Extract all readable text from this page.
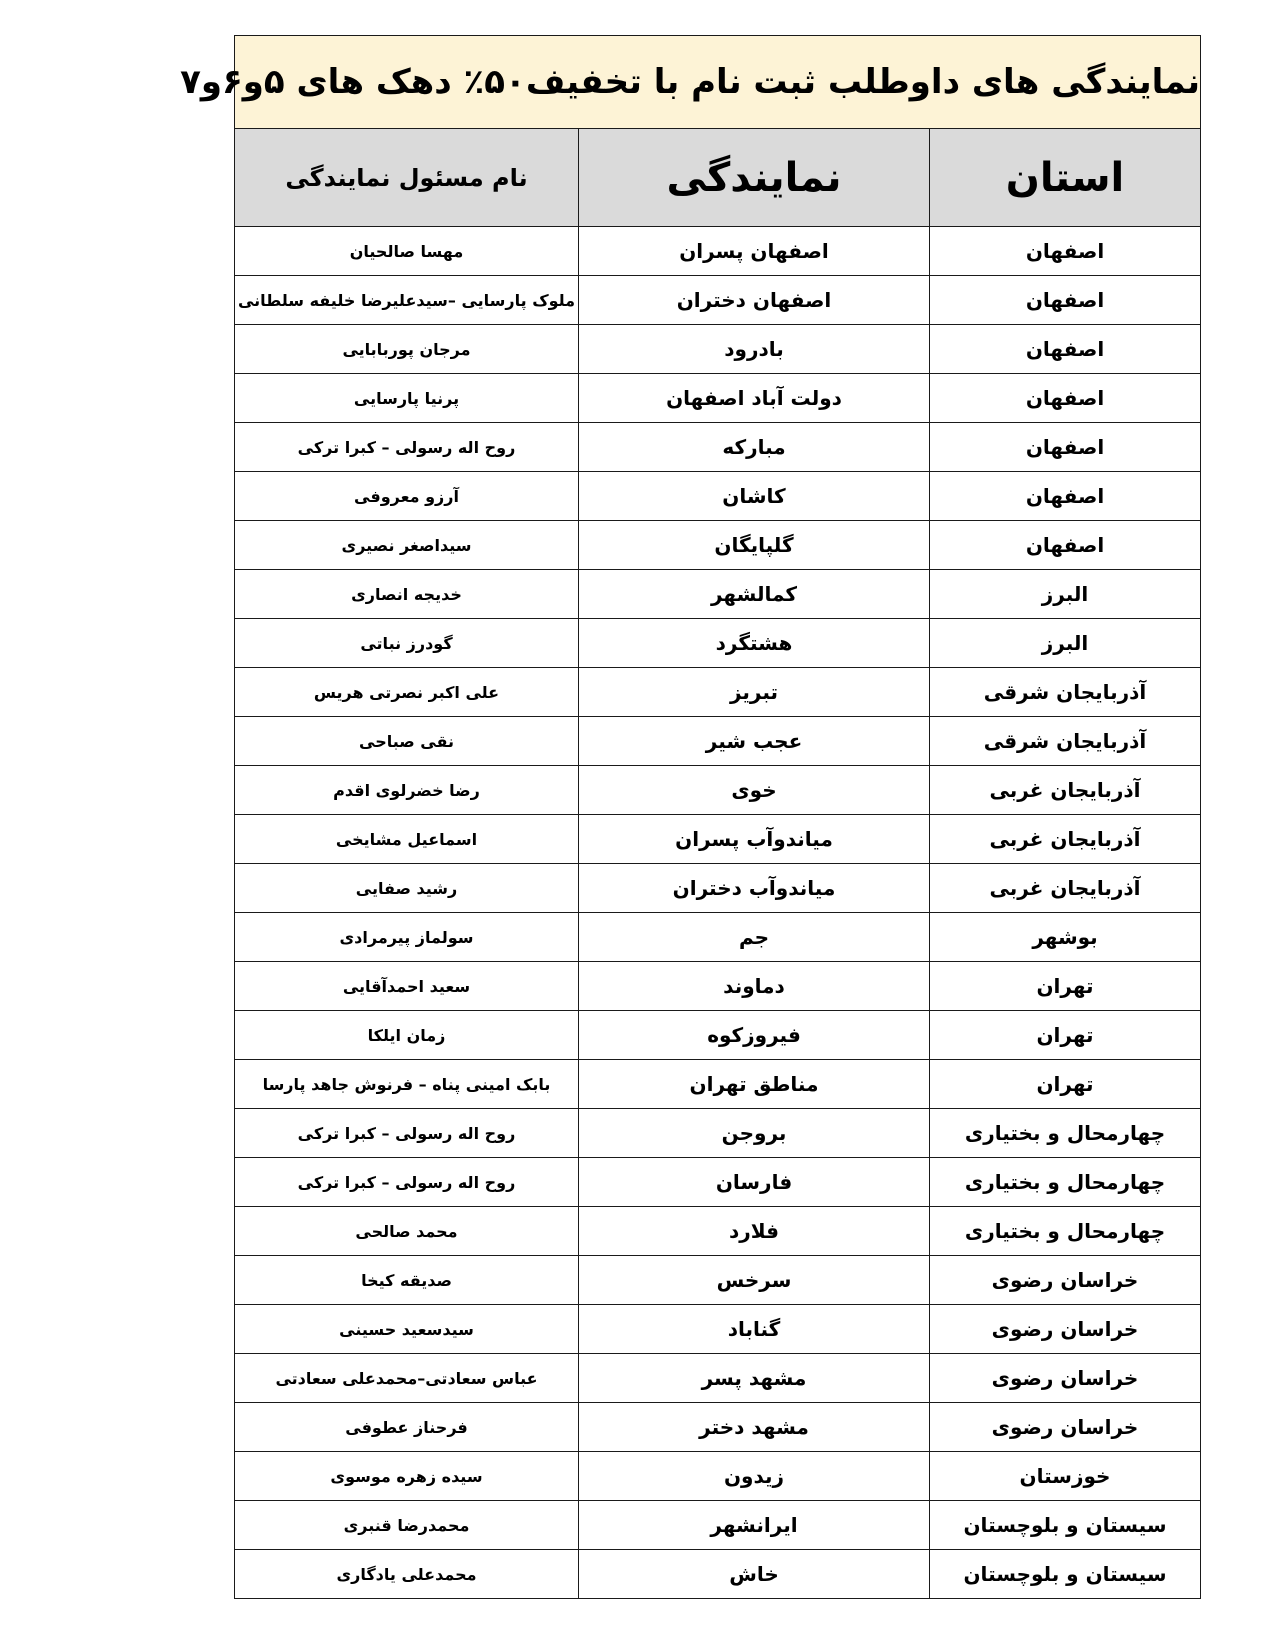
نمایندگی های داوطلب ثبت نام با تخفیف۵۰٪ دهک های ۵و۶و۷		
استان	نمایندگی	نام مسئول نمایندگی
اصفهان	اصفهان پسران	مهسا صالحیان
اصفهان	اصفهان دختران	ملوک پارسایی –سیدعلیرضا خلیفه سلطانی
اصفهان	بادرود	مرجان پوربابایی
اصفهان	دولت آباد اصفهان	پرنیا پارسایی
اصفهان	مبارکه	روح اله رسولی – کبرا ترکی
اصفهان	کاشان	آرزو معروفی
اصفهان	گلپایگان	سیداصغر نصیری
البرز	کمالشهر	خدیجه انصاری
البرز	هشتگرد	گودرز نباتی
آذربایجان شرقی	تبریز	علی اکبر نصرتی هریس
آذربایجان شرقی	عجب شیر	نقی صباحی
آذربایجان غربی	خوی	رضا خضرلوی اقدم
آذربایجان غربی	میاندوآب پسران	اسماعیل مشایخی
آذربایجان غربی	میاندوآب دختران	رشید صفایی
بوشهر	جم	سولماز پیرمرادی
تهران	دماوند	سعید احمدآقایی
تهران	فیروزکوه	زمان ایلکا
تهران	مناطق تهران	بابک امینی پناه – فرنوش جاهد پارسا
چهارمحال و بختیاری	بروجن	روح اله رسولی – کبرا ترکی
چهارمحال و بختیاری	فارسان	روح اله رسولی – کبرا ترکی
چهارمحال و بختیاری	فلارد	محمد صالحی
خراسان رضوی	سرخس	صدیقه کیخا
خراسان رضوی	گناباد	سیدسعید حسینی
خراسان رضوی	مشهد پسر	عباس سعادتی–محمدعلی سعادتی
خراسان رضوی	مشهد دختر	فرحناز عطوفی
خوزستان	زیدون	سیده زهره موسوی
سیستان و بلوچستان	ایرانشهر	محمدرضا قنبری
سیستان و بلوچستان	خاش	محمدعلی یادگاری
